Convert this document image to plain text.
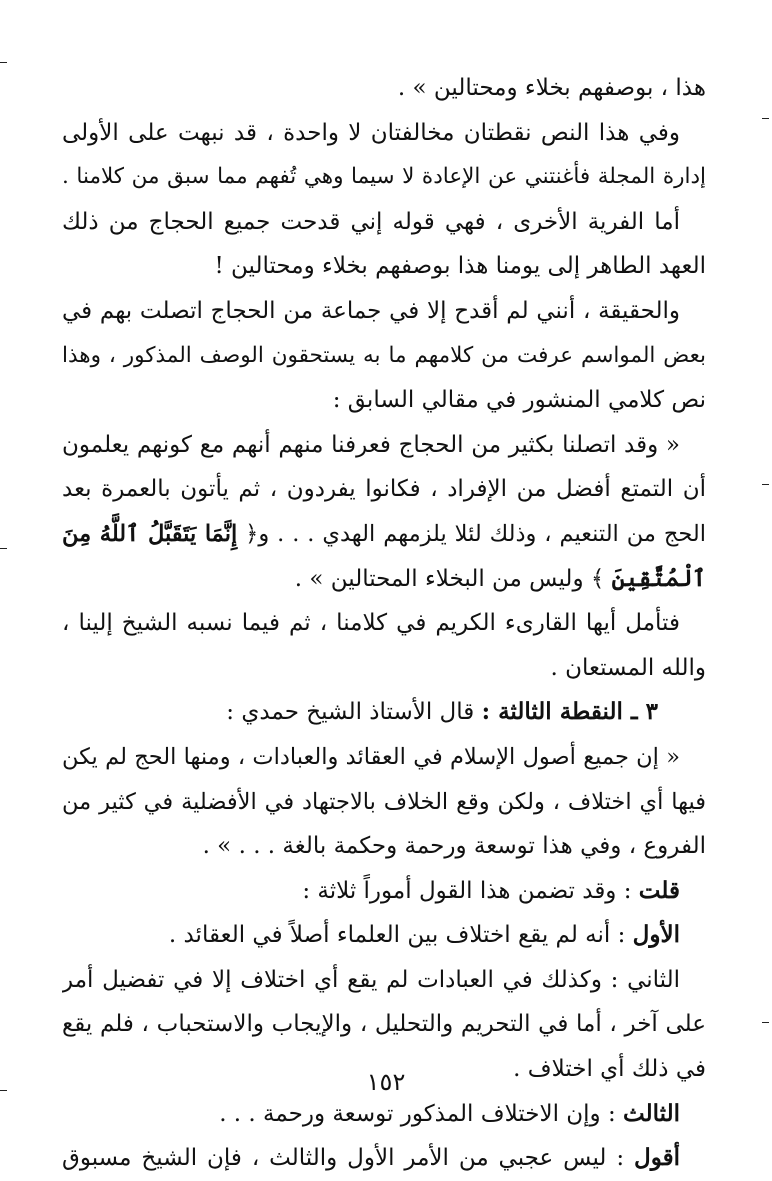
هذا ، بوصفهم بخلاء ومحتالين » .
وفي هذا النص نقطتان مخالفتان لا واحدة ، قد نبهت على الأولى
إدارة المجلة فأغنتني عن الإعادة لا سيما وهي تُفهم مما سبق من كلامنا .
أما الفرية الأخرى ، فهي قوله إني قدحت جميع الحجاج من ذلك
العهد الطاهر إلى يومنا هذا بوصفهم بخلاء ومحتالين !
والحقيقة ، أنني لم أقدح إلا في جماعة من الحجاج اتصلت بهم في
بعض المواسم عرفت من كلامهم ما به يستحقون الوصف المذكور ، وهذا
نص كلامي المنشور في مقالي السابق :
« وقد اتصلنا بكثير من الحجاج فعرفنا منهم أنهم مع كونهم يعلمون
أن التمتع أفضل من الإفراد ، فكانوا يفردون ، ثم يأتون بالعمرة بعد
الحج من التنعيم ، وذلك لئلا يلزمهم الهدي . . . و﴿ إِنَّمَا يَتَقَبَّلُ ٱللَّهُ مِنَ
ٱلْمُتَّقِينَ ﴾ وليس من البخلاء المحتالين » .
فتأمل أيها القارىء الكريم في كلامنا ، ثم فيما نسبه الشيخ إلينا ،
والله المستعان .
٣ ـ النقطة الثالثة : قال الأستاذ الشيخ حمدي :
« إن جميع أصول الإسلام في العقائد والعبادات ، ومنها الحج لم يكن
فيها أي اختلاف ، ولكن وقع الخلاف بالاجتهاد في الأفضلية في كثير من
الفروع ، وفي هذا توسعة ورحمة وحكمة بالغة . . . » .
قلت : وقد تضمن هذا القول أموراً ثلاثة :
الأول : أنه لم يقع اختلاف بين العلماء أصلاً في العقائد .
الثاني : وكذلك في العبادات لم يقع أي اختلاف إلا في تفضيل أمر
على آخر ، أما في التحريم والتحليل ، والإيجاب والاستحباب ، فلم يقع
في ذلك أي اختلاف .
الثالث : وإن الاختلاف المذكور توسعة ورحمة . . .
أقول : ليس عجبي من الأمر الأول والثالث ، فإن الشيخ مسبوق
١٥٢
